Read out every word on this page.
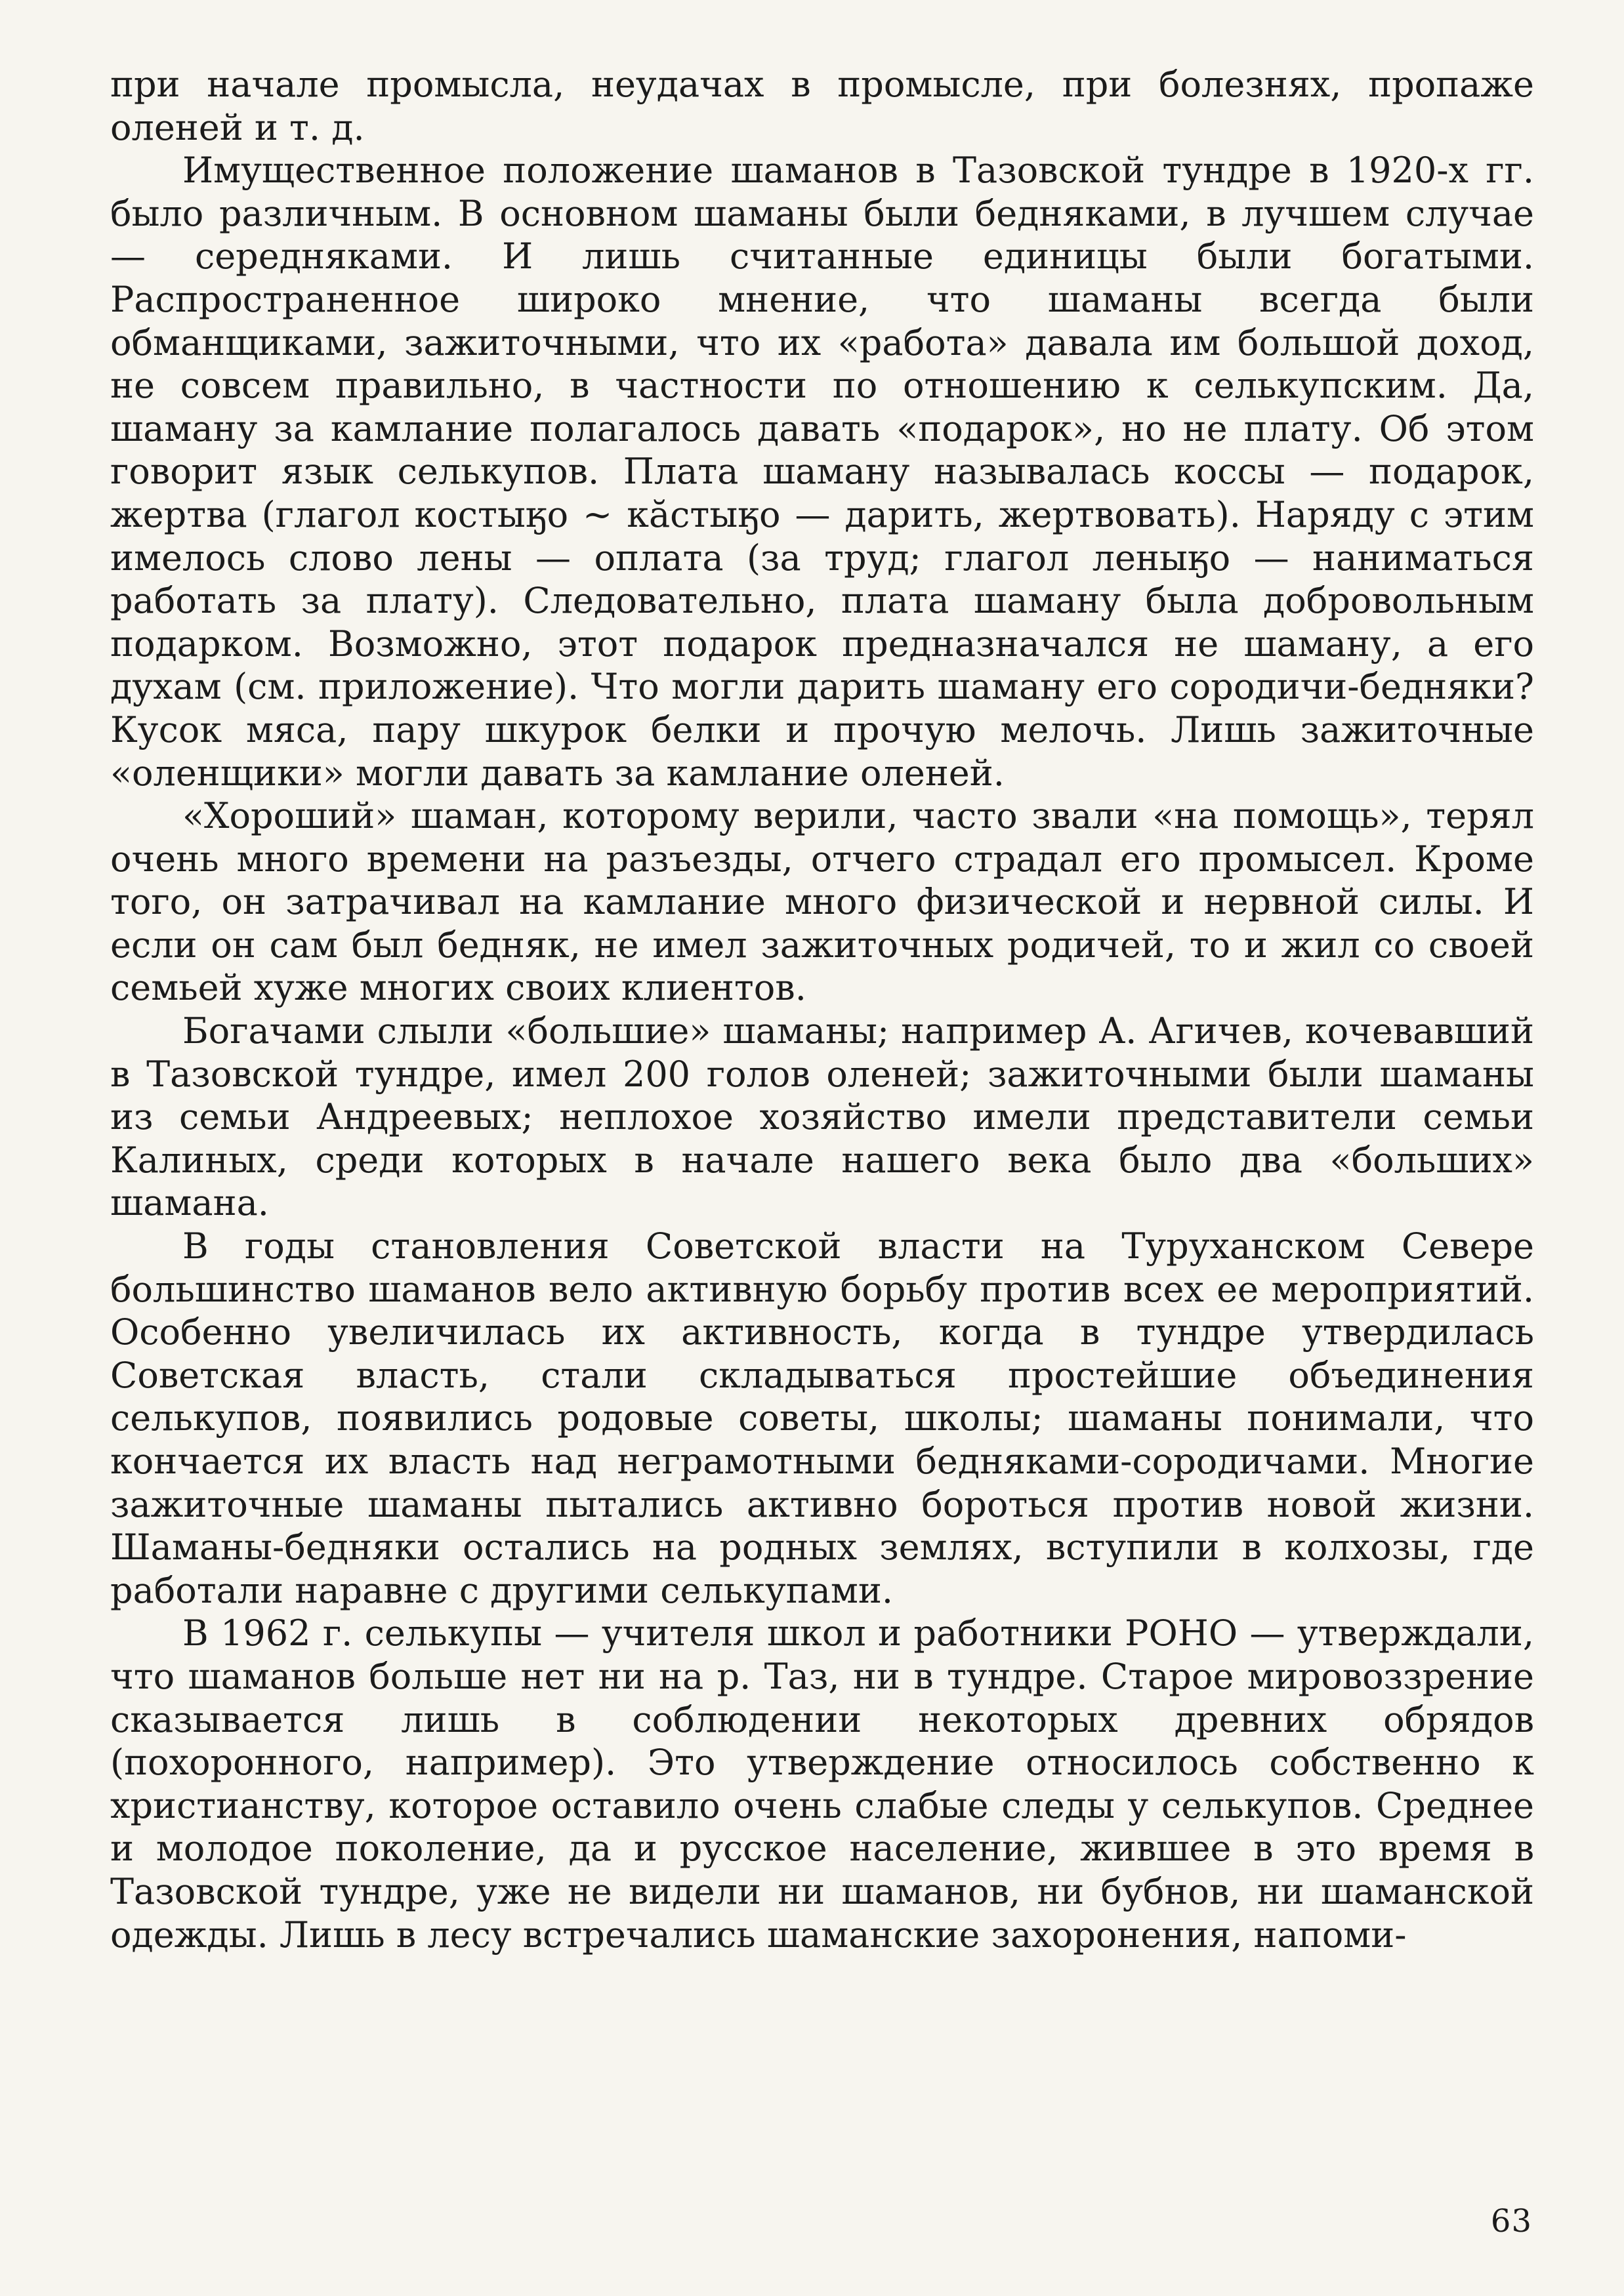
при начале промысла, неудачах в промысле, при болезнях, пропаже оленей и т. д.

Имущественное положение шаманов в Тазовской тундре в 1920-х гг. было различным. В основном шаманы были бедняками, в лучшем случае — середняками. И лишь считанные единицы были богатыми. Распространенное широко мнение, что шаманы всегда были обманщиками, зажиточными, что их «работа» давала им большой доход, не совсем правильно, в частности по отношению к селькупским. Да, шаману за камлание полагалось давать «подарок», но не плату. Об этом говорит язык селькупов. Плата шаману называлась коссы — подарок, жертва (глагол костыӄо ~ кăстыӄо — дарить, жертвовать). Наряду с этим имелось слово лены — оплата (за труд; глагол леныӄо — наниматься работать за плату). Следовательно, плата шаману была добровольным подарком. Возможно, этот подарок предназначался не шаману, а его духам (см. приложение). Что могли дарить шаману его сородичи-бедняки? Кусок мяса, пару шкурок белки и прочую мелочь. Лишь зажиточные «оленщики» могли давать за камлание оленей.

«Хороший» шаман, которому верили, часто звали «на помощь», терял очень много времени на разъезды, отчего страдал его промысел. Кроме того, он затрачивал на камлание много физической и нервной силы. И если он сам был бедняк, не имел зажиточных родичей, то и жил со своей семьей хуже многих своих клиентов.

Богачами слыли «большие» шаманы; например А. Агичев, кочевавший в Тазовской тундре, имел 200 голов оленей; зажиточными были шаманы из семьи Андреевых; неплохое хозяйство имели представители семьи Калиных, среди которых в начале нашего века было два «больших» шамана.

В годы становления Советской власти на Туруханском Севере большинство шаманов вело активную борьбу против всех ее мероприятий. Особенно увеличилась их активность, когда в тундре утвердилась Советская власть, стали складываться простейшие объединения селькупов, появились родовые советы, школы; шаманы понимали, что кончается их власть над неграмотными бедняками-сородичами. Многие зажиточные шаманы пытались активно бороться против новой жизни. Шаманы-бедняки остались на родных землях, вступили в колхозы, где работали наравне с другими селькупами.

В 1962 г. селькупы — учителя школ и работники РОНО — утверждали, что шаманов больше нет ни на р. Таз, ни в тундре. Старое мировоззрение сказывается лишь в соблюдении некоторых древних обрядов (похоронного, например). Это утверждение относилось собственно к христианству, которое оставило очень слабые следы у селькупов. Среднее и молодое поколение, да и русское население, жившее в это время в Тазовской тундре, уже не видели ни шаманов, ни бубнов, ни шаманской одежды. Лишь в лесу встречались шаманские захоронения, напоми-

63
